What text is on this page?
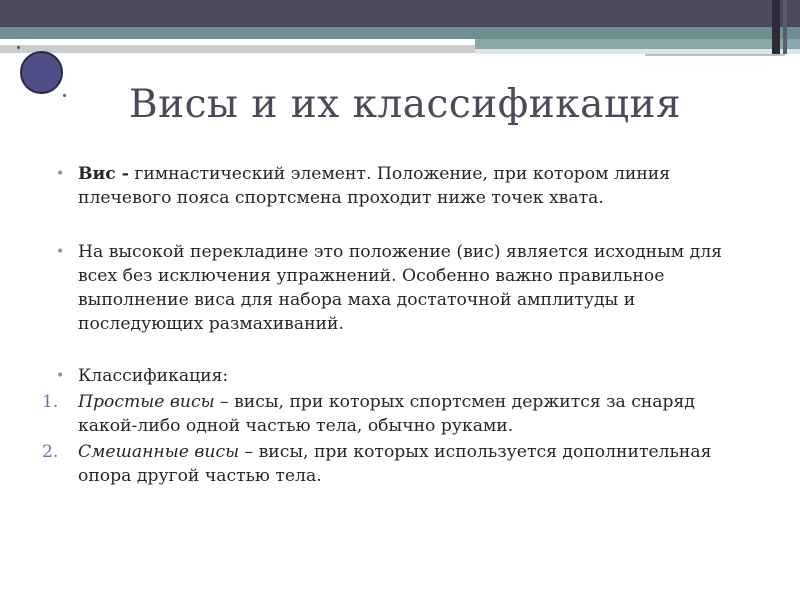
Висы и их классификация

• Вис - гимнастический элемент. Положение, при котором линия плечевого пояса спортсмена проходит ниже точек хвата.

• На высокой перекладине это положение (вис) является исходным для всех без исключения упражнений. Особенно важно правильное выполнение виса для набора маха достаточной амплитуды и последующих размахиваний.

• Классификация:

1. Простые висы – висы, при которых спортсмен держится за снаряд какой-либо одной частью тела, обычно руками.

2. Смешанные висы – висы, при которых используется дополнительная опора другой частью тела.
